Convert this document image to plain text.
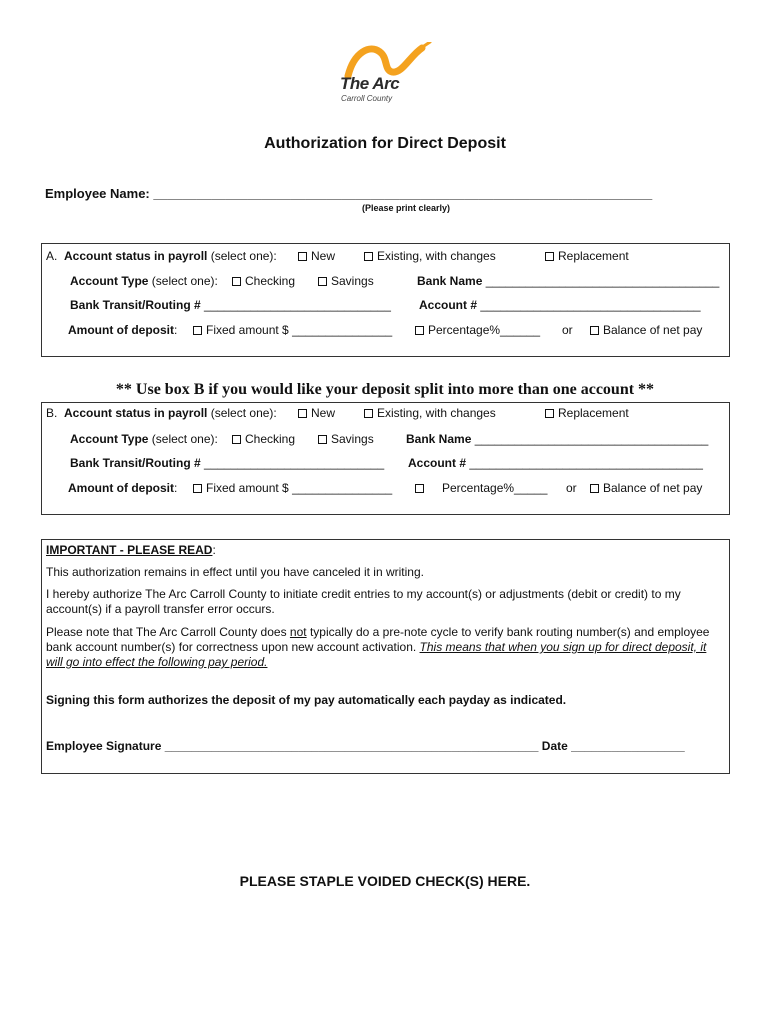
The Arc
Carroll County
Authorization for Direct Deposit
Employee Name: _____________________________________________________________________
(Please print clearly)
A. Account status in payroll (select one):	New	Existing, with changes	Replacement
Account Type (select one):	Checking	Savings	Bank Name ___________________________________
Bank Transit/Routing # ____________________________ Account # _________________________________
Amount of deposit:	Fixed amount $ _______________	Percentage%______ or	Balance of net pay
** Use box B if you would like your deposit split into more than one account **
B. Account status in payroll (select one):	New	Existing, with changes	Replacement
Account Type (select one):	Checking	Savings	Bank Name ___________________________________
Bank Transit/Routing # ___________________________ Account # ___________________________________
Amount of deposit:	Fixed amount $ _______________	Percentage%_____ or	Balance of net pay
IMPORTANT - PLEASE READ:
This authorization remains in effect until you have canceled it in writing.
I hereby authorize The Arc Carroll County to initiate credit entries to my account(s) or adjustments (debit or credit) to my account(s) if a payroll transfer error occurs.
Please note that The Arc Carroll County does not typically do a pre-note cycle to verify bank routing number(s) and employee bank account number(s) for correctness upon new account activation. This means that when you sign up for direct deposit, it will go into effect the following pay period.
Signing this form authorizes the deposit of my pay automatically each payday as indicated.
Employee Signature ________________________________________________________ Date _________________
PLEASE STAPLE VOIDED CHECK(S) HERE.
